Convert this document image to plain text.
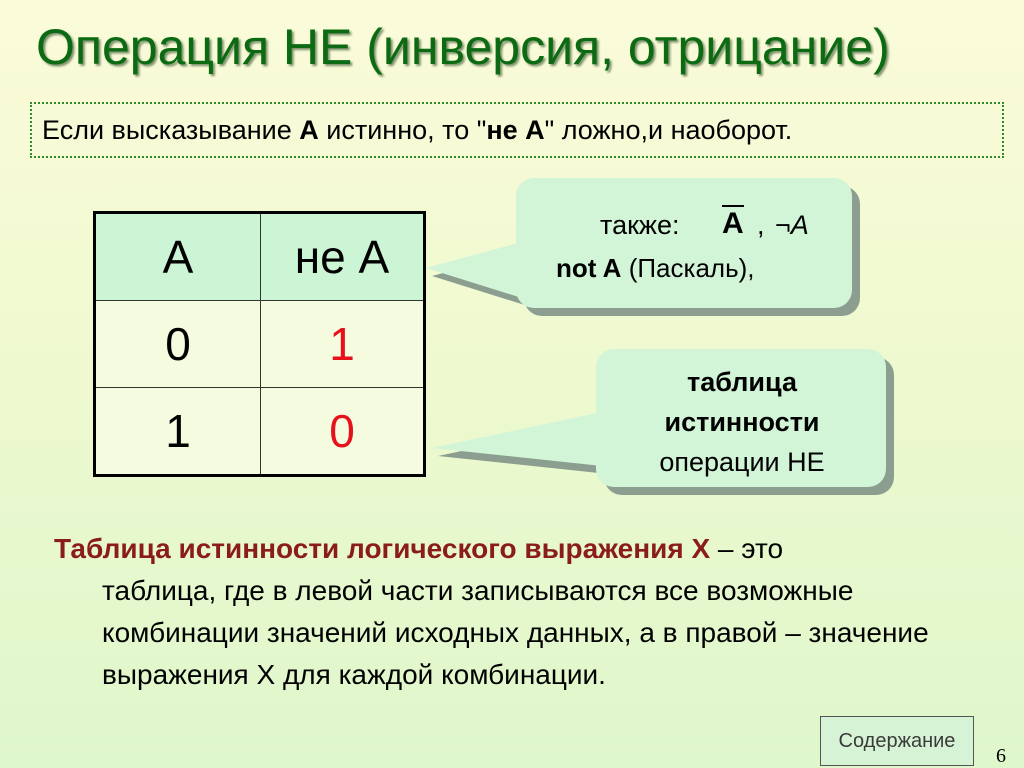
Операция НЕ (инверсия, отрицание)
Если высказывание A истинно, то "не A" ложно,и наоборот.
A	не А
0	1
1	0
также: A , ¬A
not A (Паскаль),
таблица
истинности
операции НЕ
Таблица истинности логического выражения X – это
таблица, где в левой части записываются все возможные комбинации значений исходных данных, а в правой – значение выражения X для каждой комбинации.
Содержание
6
